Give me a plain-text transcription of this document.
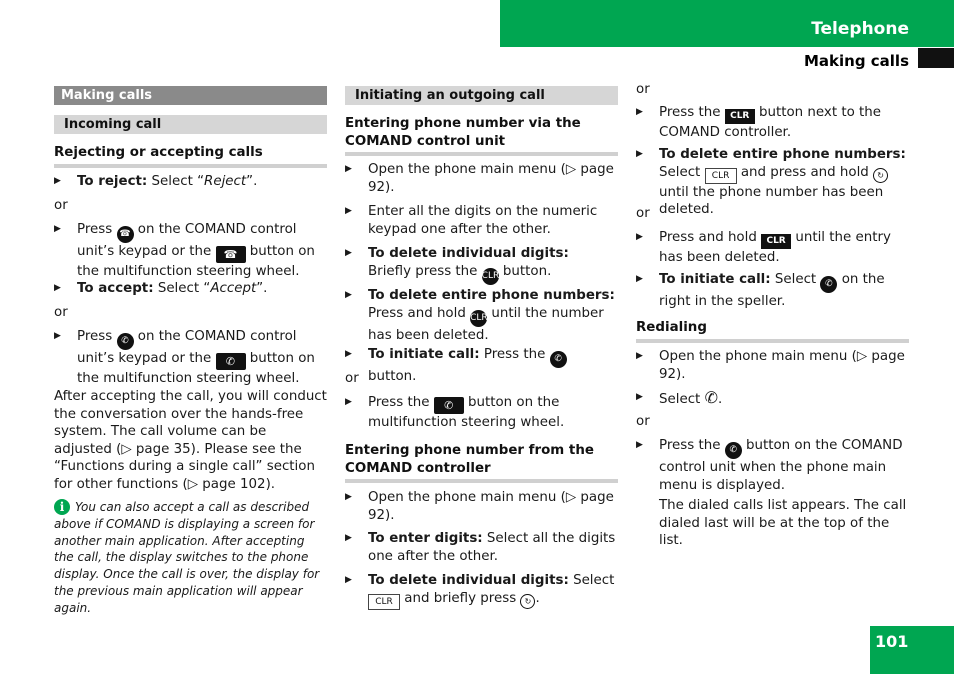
Telephone
Making calls
Making calls
Incoming call
Rejecting or accepting calls
▶ To reject: Select “Reject”.
or
▶ Press ☎ on the COMAND control unit’s keypad or the ☎ button on the multifunction steering wheel.
▶ To accept: Select “Accept”.
or
▶ Press ✆ on the COMAND control unit’s keypad or the ✆ button on the multifunction steering wheel.
After accepting the call, you will conduct the conversation over the hands-free system. The call volume can be adjusted (▷ page 35). Please see the “Functions during a single call” section for other functions (▷ page 102).
i You can also accept a call as described above if COMAND is displaying a screen for another main application. After accepting the call, the display switches to the phone display. Once the call is over, the display for the previous main application will appear again.
Initiating an outgoing call
Entering phone number via the COMAND control unit
▶ Open the phone main menu (▷ page 92).
▶ Enter all the digits on the numeric keypad one after the other.
▶ To delete individual digits:
Briefly press the CLR button.
▶ To delete entire phone numbers:
Press and hold CLR until the number has been deleted.
▶ To initiate call: Press the ✆ button.
or
▶ Press the ✆ button on the multifunction steering wheel.
Entering phone number from the COMAND controller
▶ Open the phone main menu (▷ page 92).
▶ To enter digits: Select all the digits one after the other.
▶ To delete individual digits: Select CLR and briefly press ↻ .
or
▶ Press the CLR button next to the COMAND controller.
▶ To delete entire phone numbers: Select CLR and press and hold ↻ until the phone number has been deleted.
or
▶ Press and hold CLR until the entry has been deleted.
▶ To initiate call: Select ✆ on the right in the speller.
Redialing
▶ Open the phone main menu (▷ page 92).
▶ Select ✆.
or
▶ Press the ✆ button on the COMAND control unit when the phone main menu is displayed.
The dialed calls list appears. The call dialed last will be at the top of the list.
101
